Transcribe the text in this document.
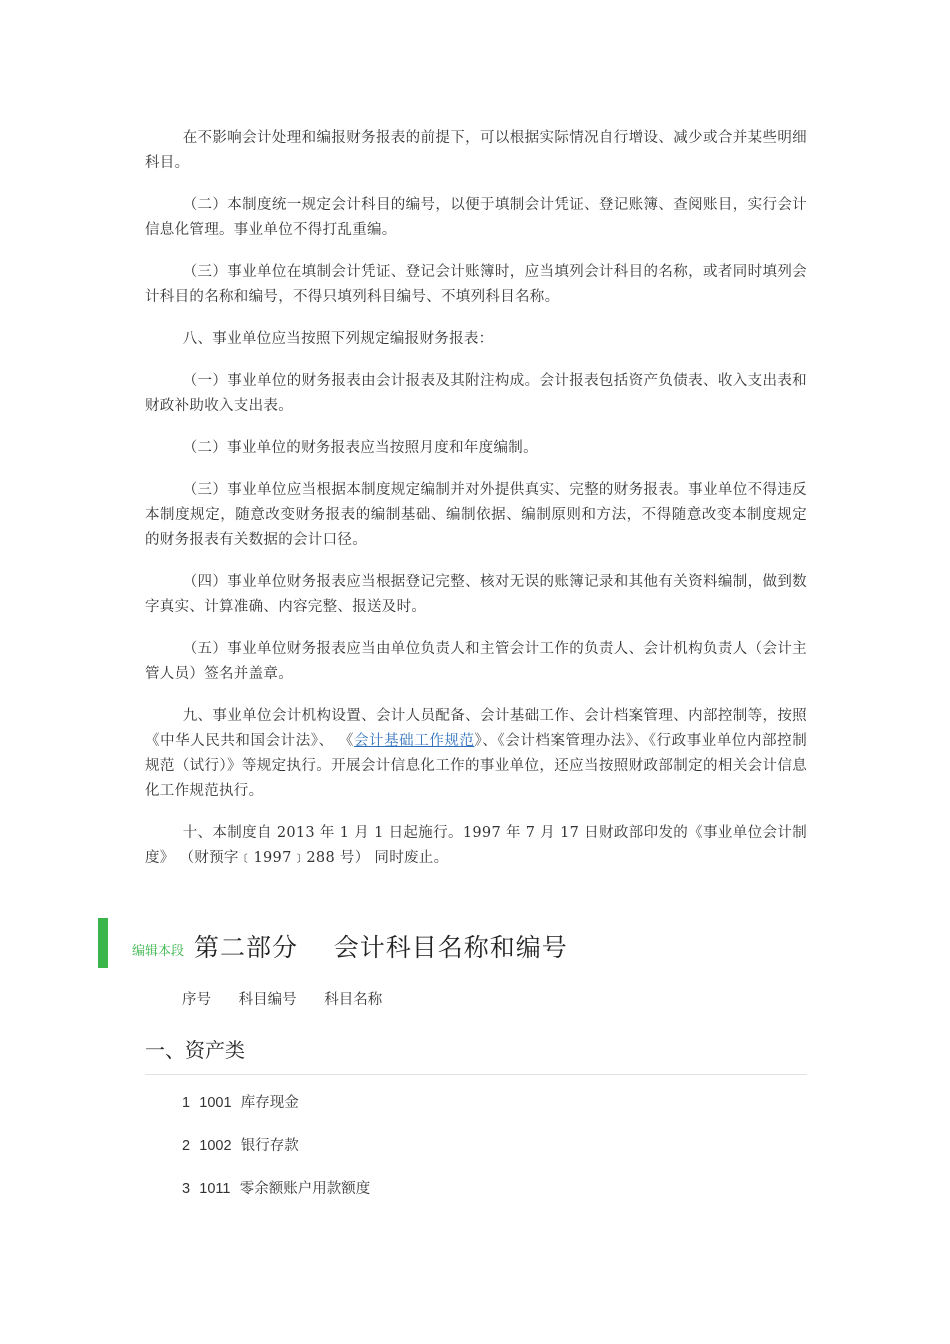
在不影响会计处理和编报财务报表的前提下，可以根据实际情况自行增设、减少或合并某些明细科目。

（二）本制度统一规定会计科目的编号，以便于填制会计凭证、登记账簿、查阅账目，实行会计信息化管理。事业单位不得打乱重编。

（三）事业单位在填制会计凭证、登记会计账簿时，应当填列会计科目的名称，或者同时填列会计科目的名称和编号，不得只填列科目编号、不填列科目名称。

八、事业单位应当按照下列规定编报财务报表：

（一）事业单位的财务报表由会计报表及其附注构成。会计报表包括资产负债表、收入支出表和财政补助收入支出表。

（二）事业单位的财务报表应当按照月度和年度编制。

（三）事业单位应当根据本制度规定编制并对外提供真实、完整的财务报表。事业单位不得违反本制度规定，随意改变财务报表的编制基础、编制依据、编制原则和方法，不得随意改变本制度规定的财务报表有关数据的会计口径。

（四）事业单位财务报表应当根据登记完整、核对无误的账簿记录和其他有关资料编制，做到数字真实、计算准确、内容完整、报送及时。

（五）事业单位财务报表应当由单位负责人和主管会计工作的负责人、会计机构负责人（会计主管人员）签名并盖章。

九、事业单位会计机构设置、会计人员配备、会计基础工作、会计档案管理、内部控制等，按照《中华人民共和国会计法》、 《会计基础工作规范》、《会计档案管理办法》、《行政事业单位内部控制规范（试行）》等规定执行。开展会计信息化工作的事业单位，还应当按照财政部制定的相关会计信息化工作规范执行。

十、本制度自 2013 年 1 月 1 日起施行。1997 年 7 月 17 日财政部印发的《事业单位会计制度》 （财预字﹝1997﹞288 号） 同时废止。

编辑本段 第二部分    会计科目名称和编号
序号      科目编号      科目名称
一、资产类
1 1001 库存现金
2 1002 银行存款
3 1011 零余额账户用款额度
